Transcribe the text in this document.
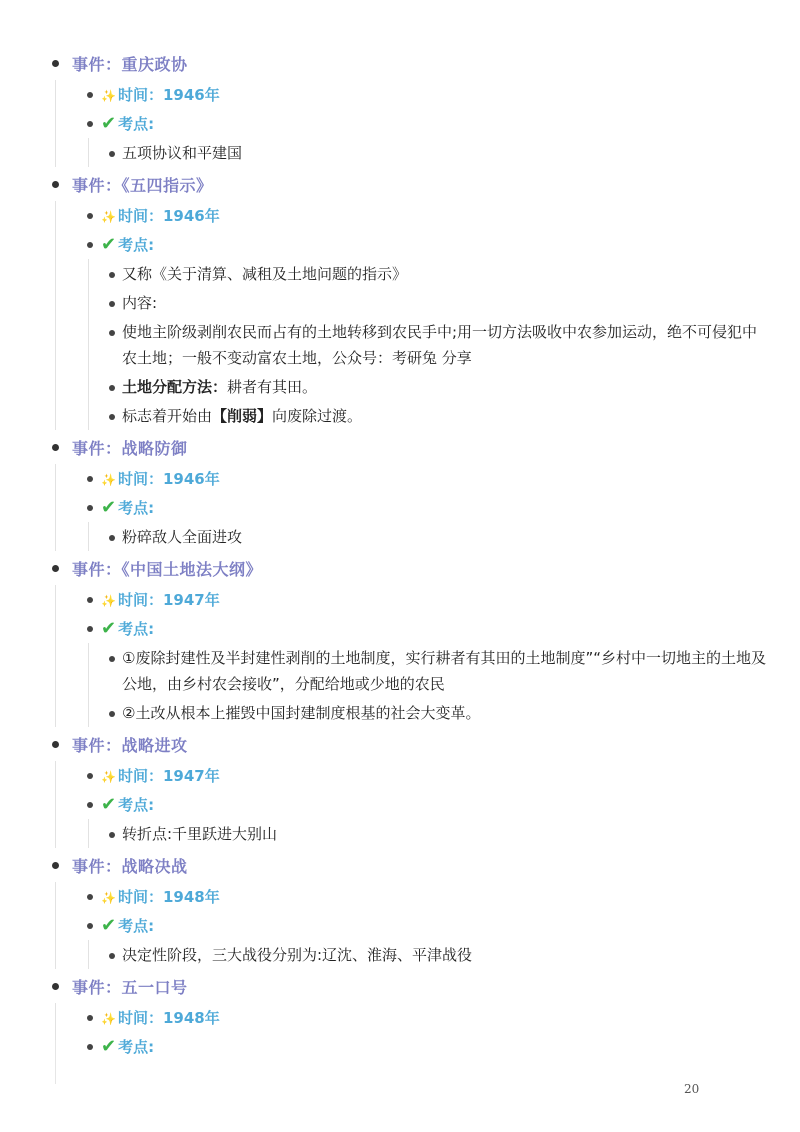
事件：重庆政协
✨ 时间：1946年
✔ 考点:
五项协议和平建国
事件：《五四指示》
✨ 时间：1946年
✔ 考点:
又称《关于清算、减租及土地问题的指示》
内容:
使地主阶级剥削农民而占有的土地转移到农民手中;用一切方法吸收中农参加运动，绝不可侵犯中农土地；一般不变动富农土地，公众号：考研兔 分享
土地分配方法：耕者有其田。
标志着开始由【削弱】向废除过渡。
事件：战略防御
✨ 时间：1946年
✔ 考点:
粉碎敌人全面进攻
事件：《中国土地法大纲》
✨ 时间：1947年
✔ 考点:
①废除封建性及半封建性剥削的土地制度，实行耕者有其田的土地制度”“乡村中一切地主的土地及公地，由乡村农会接收”，分配给地或少地的农民
②土改从根本上摧毁中国封建制度根基的社会大变革。
事件：战略进攻
✨ 时间：1947年
✔ 考点:
转折点:千里跃进大别山
事件：战略决战
✨ 时间：1948年
✔ 考点:
决定性阶段，三大战役分别为:辽沈、淮海、平津战役
事件：五一口号
✨ 时间：1948年
✔ 考点:
20
